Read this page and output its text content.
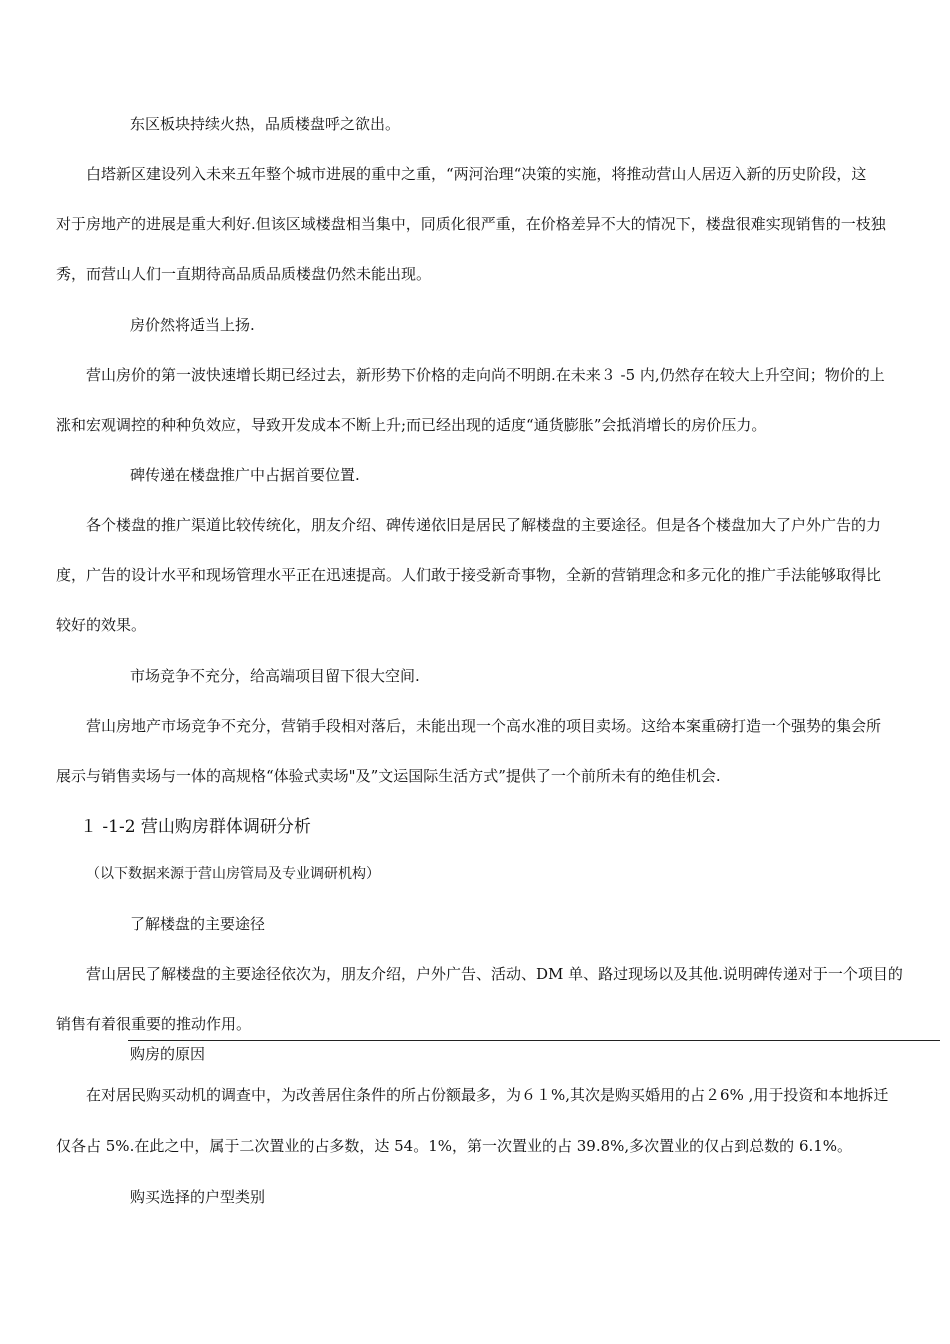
东区板块持续火热，品质楼盘呼之欲出。
白塔新区建设列入未来五年整个城市进展的重中之重，“两河治理“决策的实施，将推动营山人居迈入新的历史阶段，这
对于房地产的进展是重大利好.但该区域楼盘相当集中，同质化很严重，在价格差异不大的情况下，楼盘很难实现销售的一枝独
秀，而营山人们一直期待高品质品质楼盘仍然未能出现。
房价然将适当上扬.
营山房价的第一波快速增长期已经过去，新形势下价格的走向尚不明朗.在未来３ -5 内,仍然存在较大上升空间；物价的上
涨和宏观调控的种种负效应，导致开发成本不断上升;而已经出现的适度“通货膨胀”会抵消增长的房价压力。
碑传递在楼盘推广中占据首要位置.
各个楼盘的推广渠道比较传统化，朋友介绍、碑传递依旧是居民了解楼盘的主要途径。但是各个楼盘加大了户外广告的力
度，广告的设计水平和现场管理水平正在迅速提高。人们敢于接受新奇事物，全新的营销理念和多元化的推广手法能够取得比
较好的效果。
市场竞争不充分，给高端项目留下很大空间.
营山房地产市场竞争不充分，营销手段相对落后，未能出现一个高水准的项目卖场。这给本案重磅打造一个强势的集会所
展示与销售卖场与一体的高规格“体验式卖场"及”文运国际生活方式”提供了一个前所未有的绝佳机会.
１ -1-2 营山购房群体调研分析
（以下数据来源于营山房管局及专业调研机构）
了解楼盘的主要途径
营山居民了解楼盘的主要途径依次为，朋友介绍，户外广告、活动、DM 单、路过现场以及其他.说明碑传递对于一个项目的
销售有着很重要的推动作用。
购房的原因
在对居民购买动机的调查中，为改善居住条件的所占份额最多，为６１%,其次是购买婚用的占２6% ,用于投资和本地拆迁
仅各占 5%.在此之中，属于二次置业的占多数，达 54。1%，第一次置业的占 39.8%,多次置业的仅占到总数的 6.1%。
购买选择的户型类别
